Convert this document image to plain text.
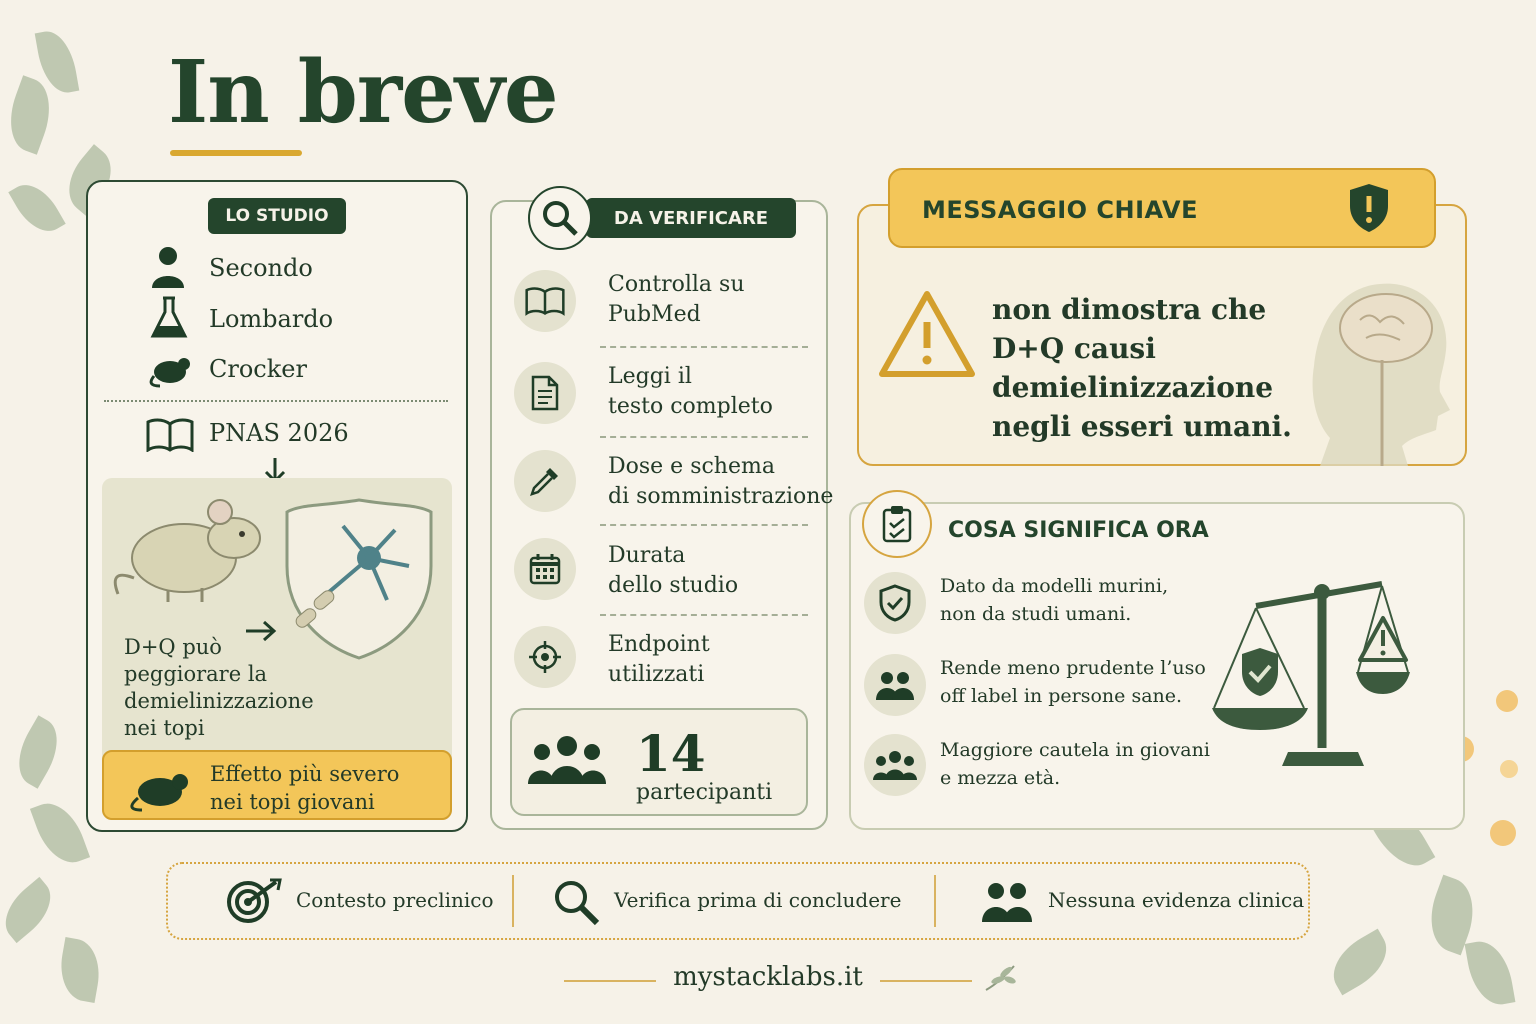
In breve
LO STUDIO
Secondo
Lombardo
Crocker
PNAS 2026
D+Q può peggiorare la demielinizzazione nei topi
Effetto più severo nei topi giovani
DA VERIFICARE
Controlla su
PubMed
Leggi il
testo completo
Dose e schema
di somministrazione
Durata
dello studio
Endpoint
utilizzati
14
partecipanti
MESSAGGIO CHIAVE
non dimostra che D+Q causi demielinizzazione negli esseri umani.
COSA SIGNIFICA ORA
Dato da modelli murini,
non da studi umani.
Rende meno prudente l’uso
off label in persone sane.
Maggiore cautela in giovani
e mezza età.
Contesto preclinico	Verifica prima di concludere	Nessuna evidenza clinica
mystacklabs.it
